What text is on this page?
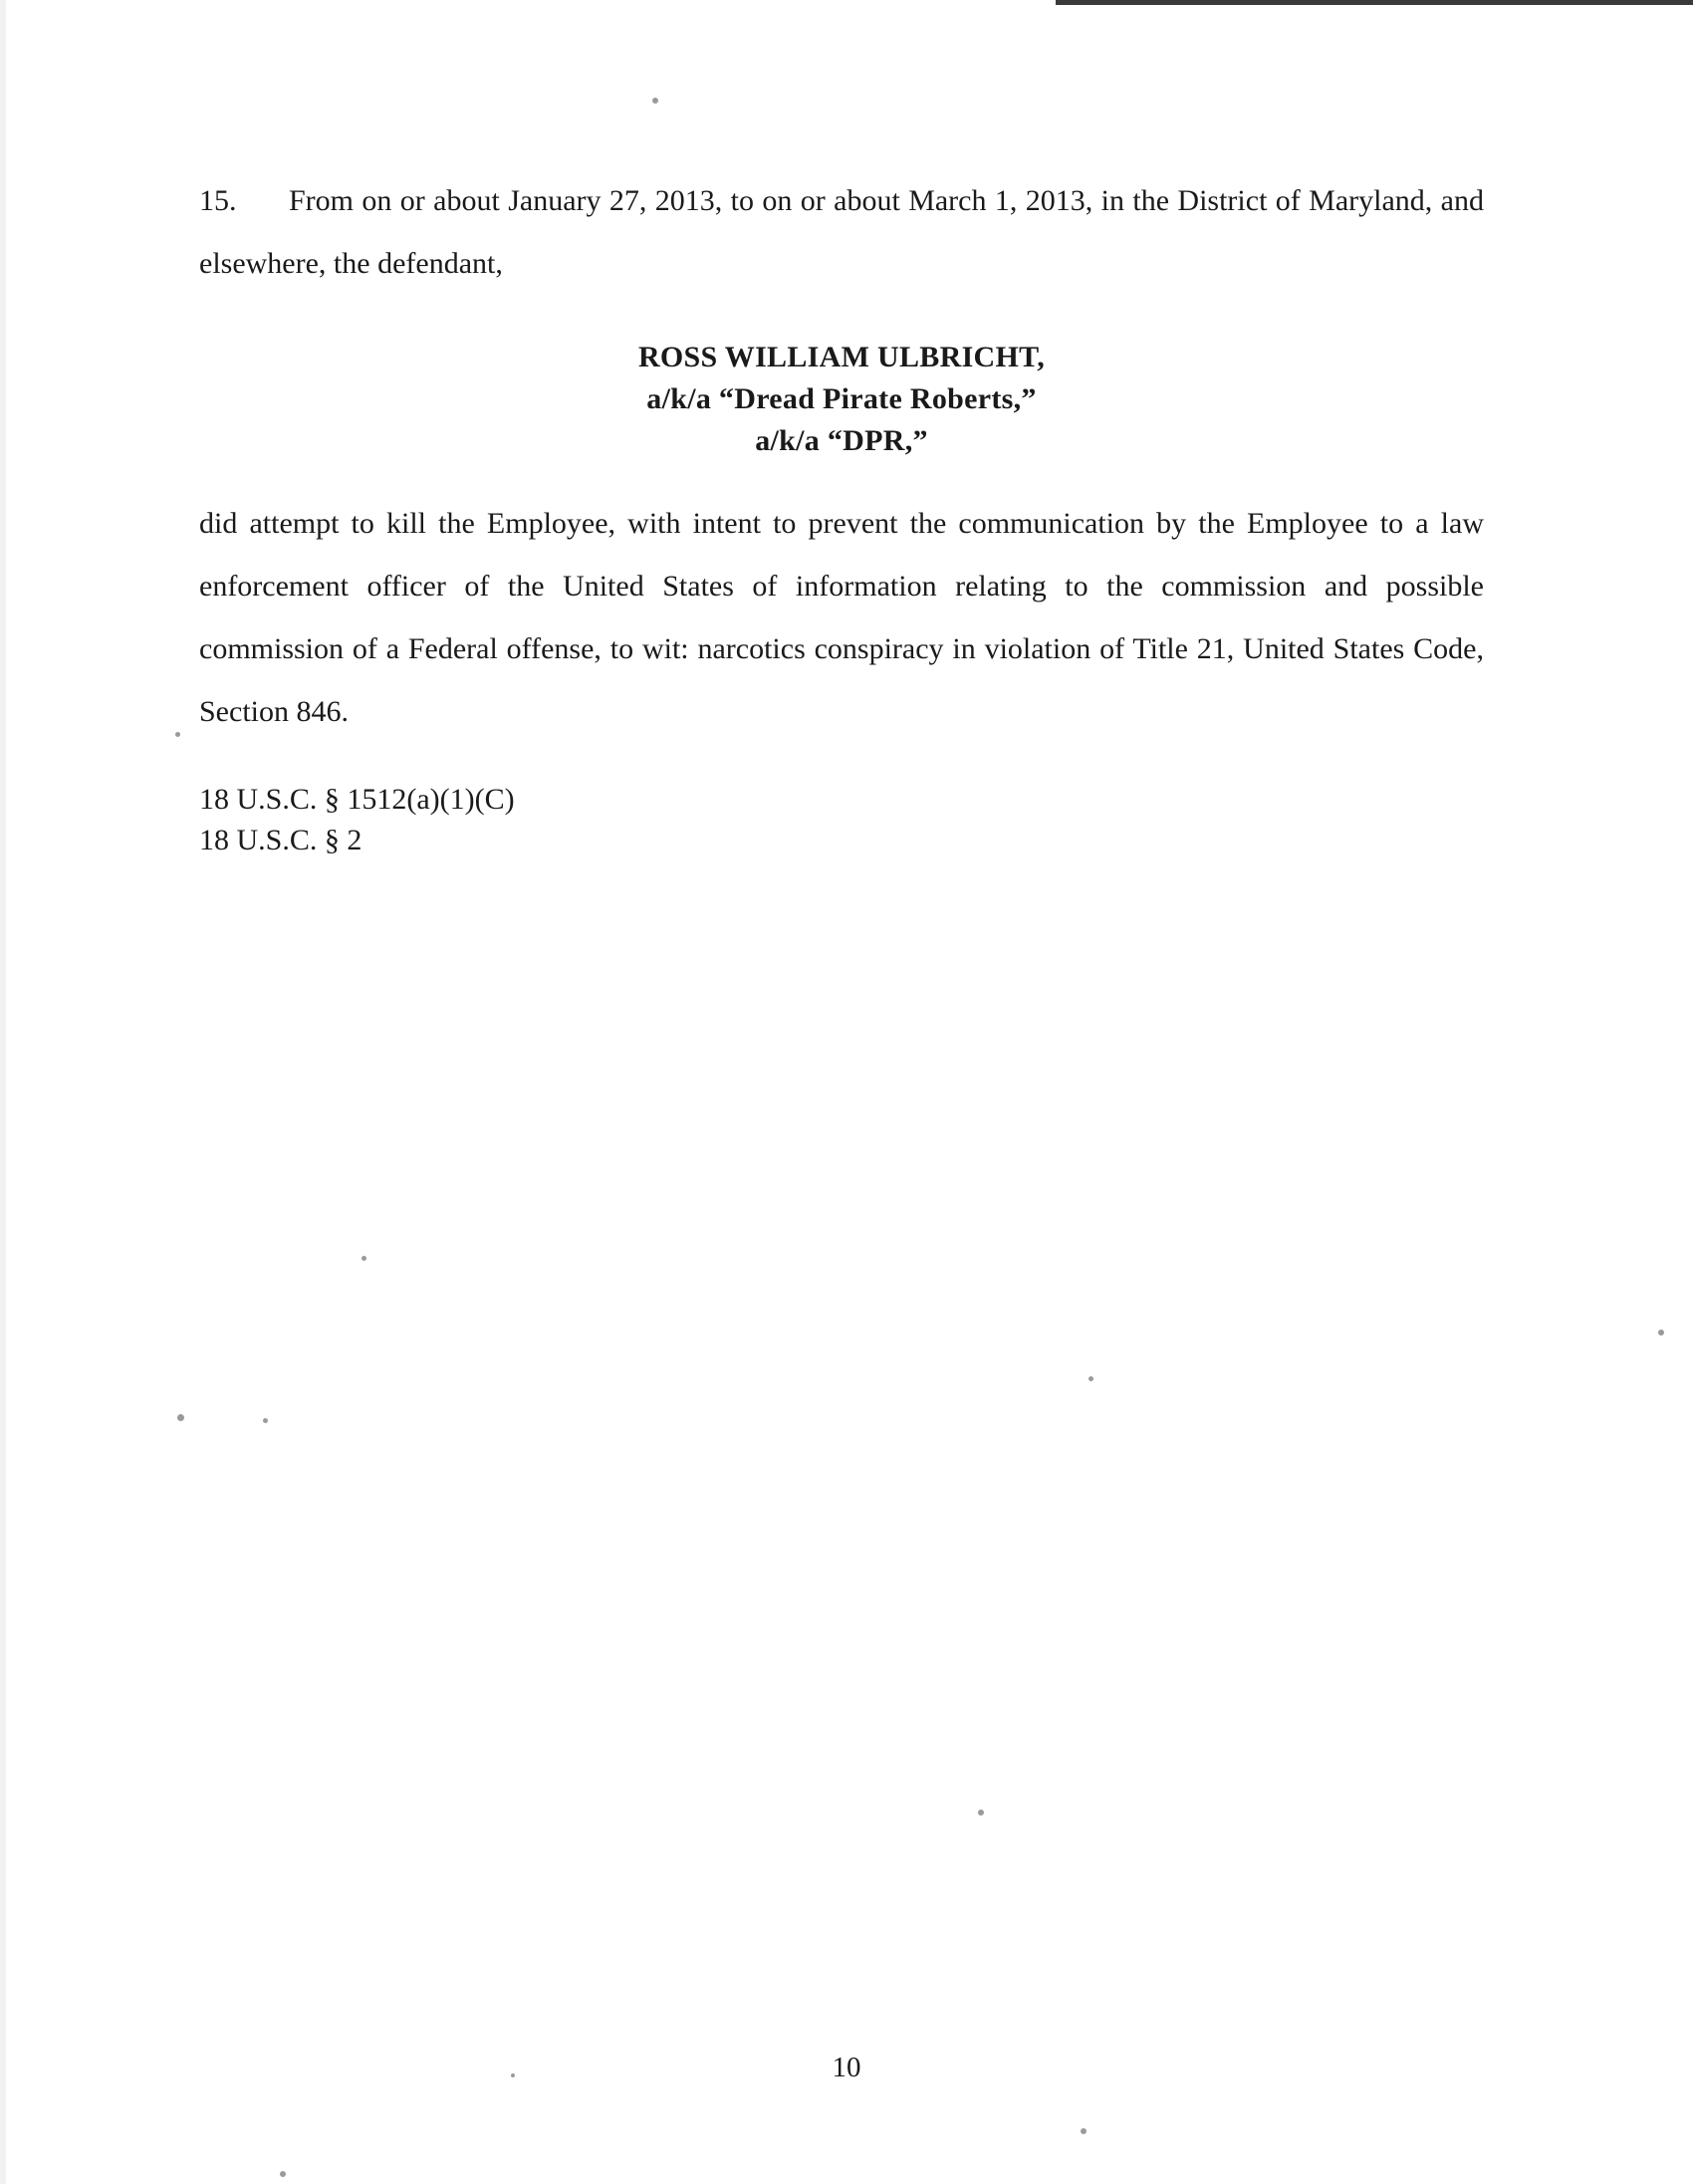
15. From on or about January 27, 2013, to on or about March 1, 2013, in the District of Maryland, and elsewhere, the defendant,

ROSS WILLIAM ULBRICHT,
a/k/a “Dread Pirate Roberts,”
a/k/a “DPR,”

did attempt to kill the Employee, with intent to prevent the communication by the Employee to a law enforcement officer of the United States of information relating to the commission and possible commission of a Federal offense, to wit: narcotics conspiracy in violation of Title 21, United States Code, Section 846.

18 U.S.C. § 1512(a)(1)(C)
18 U.S.C. § 2
10
